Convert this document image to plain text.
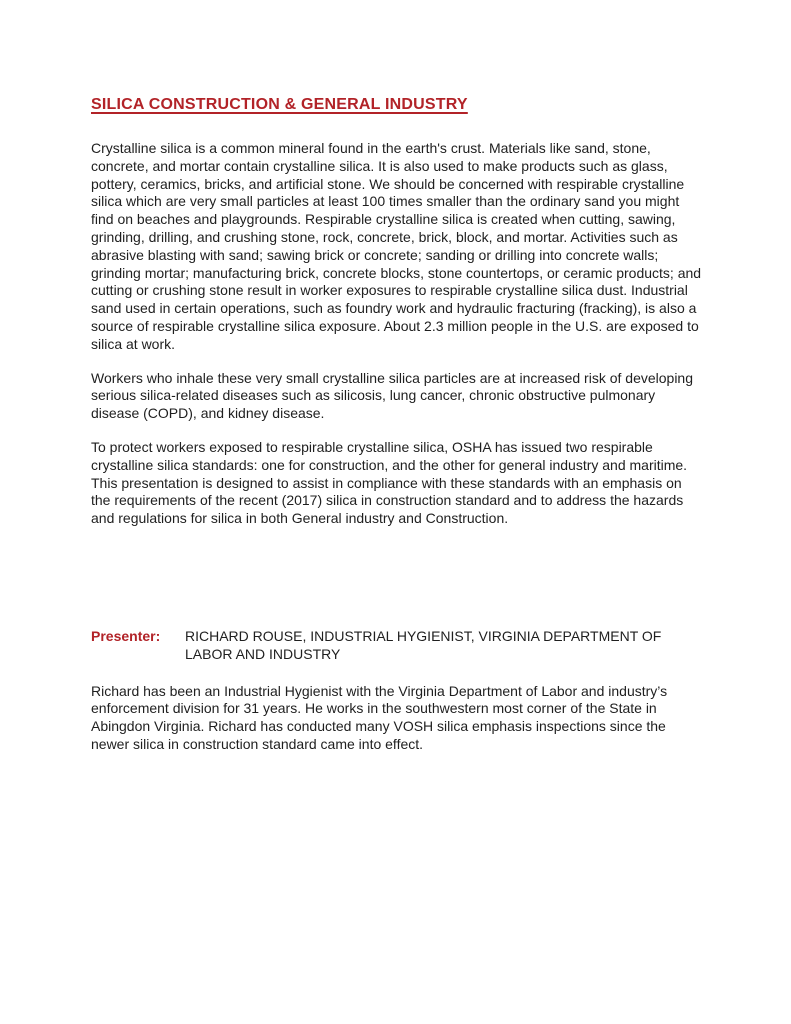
SILICA CONSTRUCTION & GENERAL INDUSTRY

Crystalline silica is a common mineral found in the earth's crust. Materials like sand, stone, concrete, and mortar contain crystalline silica. It is also used to make products such as glass, pottery, ceramics, bricks, and artificial stone. We should be concerned with respirable crystalline silica which are very small particles at least 100 times smaller than the ordinary sand you might find on beaches and playgrounds. Respirable crystalline silica is created when cutting, sawing, grinding, drilling, and crushing stone, rock, concrete, brick, block, and mortar. Activities such as abrasive blasting with sand; sawing brick or concrete; sanding or drilling into concrete walls; grinding mortar; manufacturing brick, concrete blocks, stone countertops, or ceramic products; and cutting or crushing stone result in worker exposures to respirable crystalline silica dust. Industrial sand used in certain operations, such as foundry work and hydraulic fracturing (fracking), is also a source of respirable crystalline silica exposure. About 2.3 million people in the U.S. are exposed to silica at work.

Workers who inhale these very small crystalline silica particles are at increased risk of developing serious silica-related diseases such as silicosis, lung cancer, chronic obstructive pulmonary disease (COPD), and kidney disease.

To protect workers exposed to respirable crystalline silica, OSHA has issued two respirable crystalline silica standards: one for construction, and the other for general industry and maritime. This presentation is designed to assist in compliance with these standards with an emphasis on the requirements of the recent (2017) silica in construction standard and to address the hazards and regulations for silica in both General industry and Construction.

Presenter:	RICHARD ROUSE, INDUSTRIAL HYGIENIST, VIRGINIA DEPARTMENT OF LABOR AND INDUSTRY

Richard has been an Industrial Hygienist with the Virginia Department of Labor and industry’s enforcement division for 31 years. He works in the southwestern most corner of the State in Abingdon Virginia. Richard has conducted many VOSH silica emphasis inspections since the newer silica in construction standard came into effect.
